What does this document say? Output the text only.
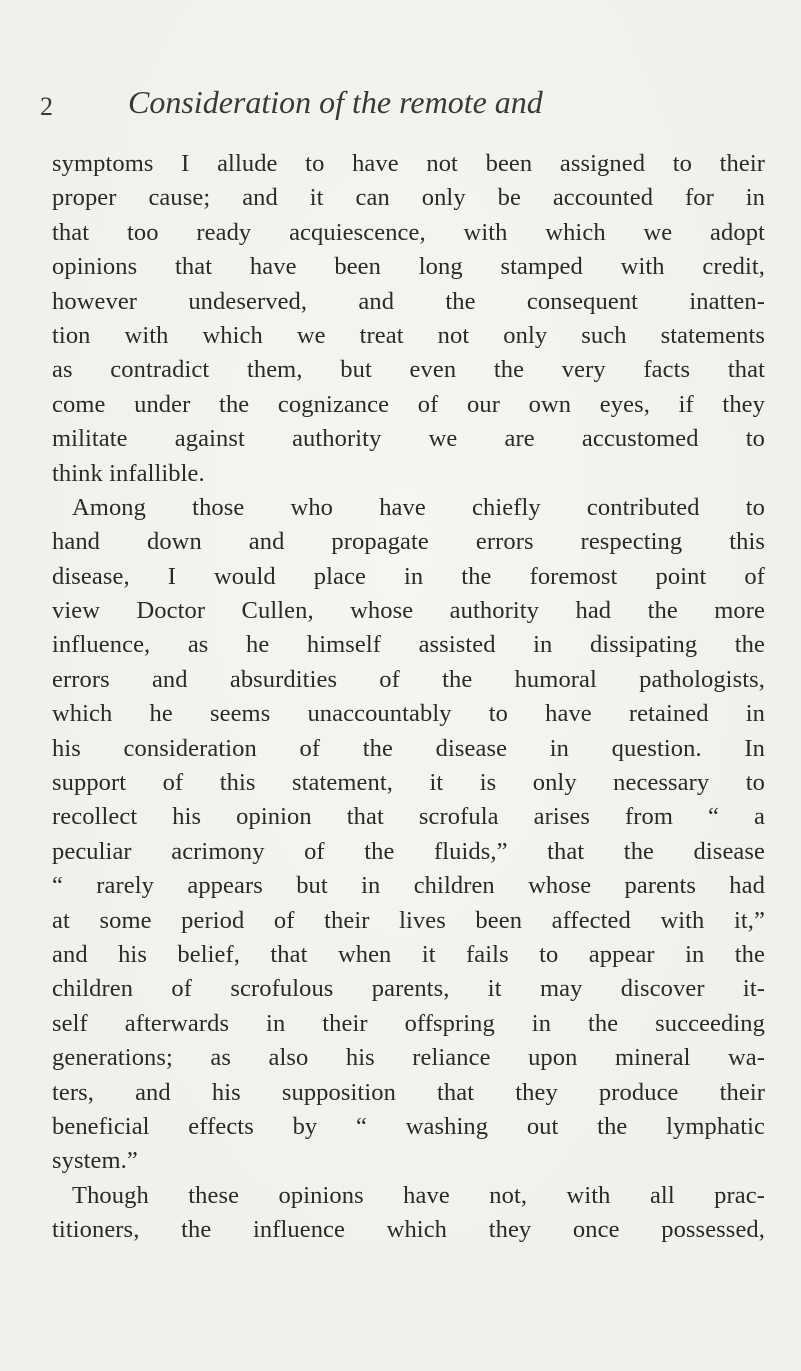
2 Consideration of the remote and
symptoms I allude to have not been assigned to their
proper cause; and it can only be accounted for in
that too ready acquiescence, with which we adopt
opinions that have been long stamped with credit,
however undeserved, and the consequent inatten-
tion with which we treat not only such statements
as contradict them, but even the very facts that
come under the cognizance of our own eyes, if they
militate against authority we are accustomed to
think infallible.
Among those who have chiefly contributed to
hand down and propagate errors respecting this
disease, I would place in the foremost point of
view Doctor Cullen, whose authority had the more
influence, as he himself assisted in dissipating the
errors and absurdities of the humoral pathologists,
which he seems unaccountably to have retained in
his consideration of the disease in question. In
support of this statement, it is only necessary to
recollect his opinion that scrofula arises from “ a
peculiar acrimony of the fluids,” that the disease
“ rarely appears but in children whose parents had
at some period of their lives been affected with it,”
and his belief, that when it fails to appear in the
children of scrofulous parents, it may discover it-
self afterwards in their offspring in the succeeding
generations; as also his reliance upon mineral wa-
ters, and his supposition that they produce their
beneficial effects by “ washing out the lymphatic
system.”
Though these opinions have not, with all prac-
titioners, the influence which they once possessed,
